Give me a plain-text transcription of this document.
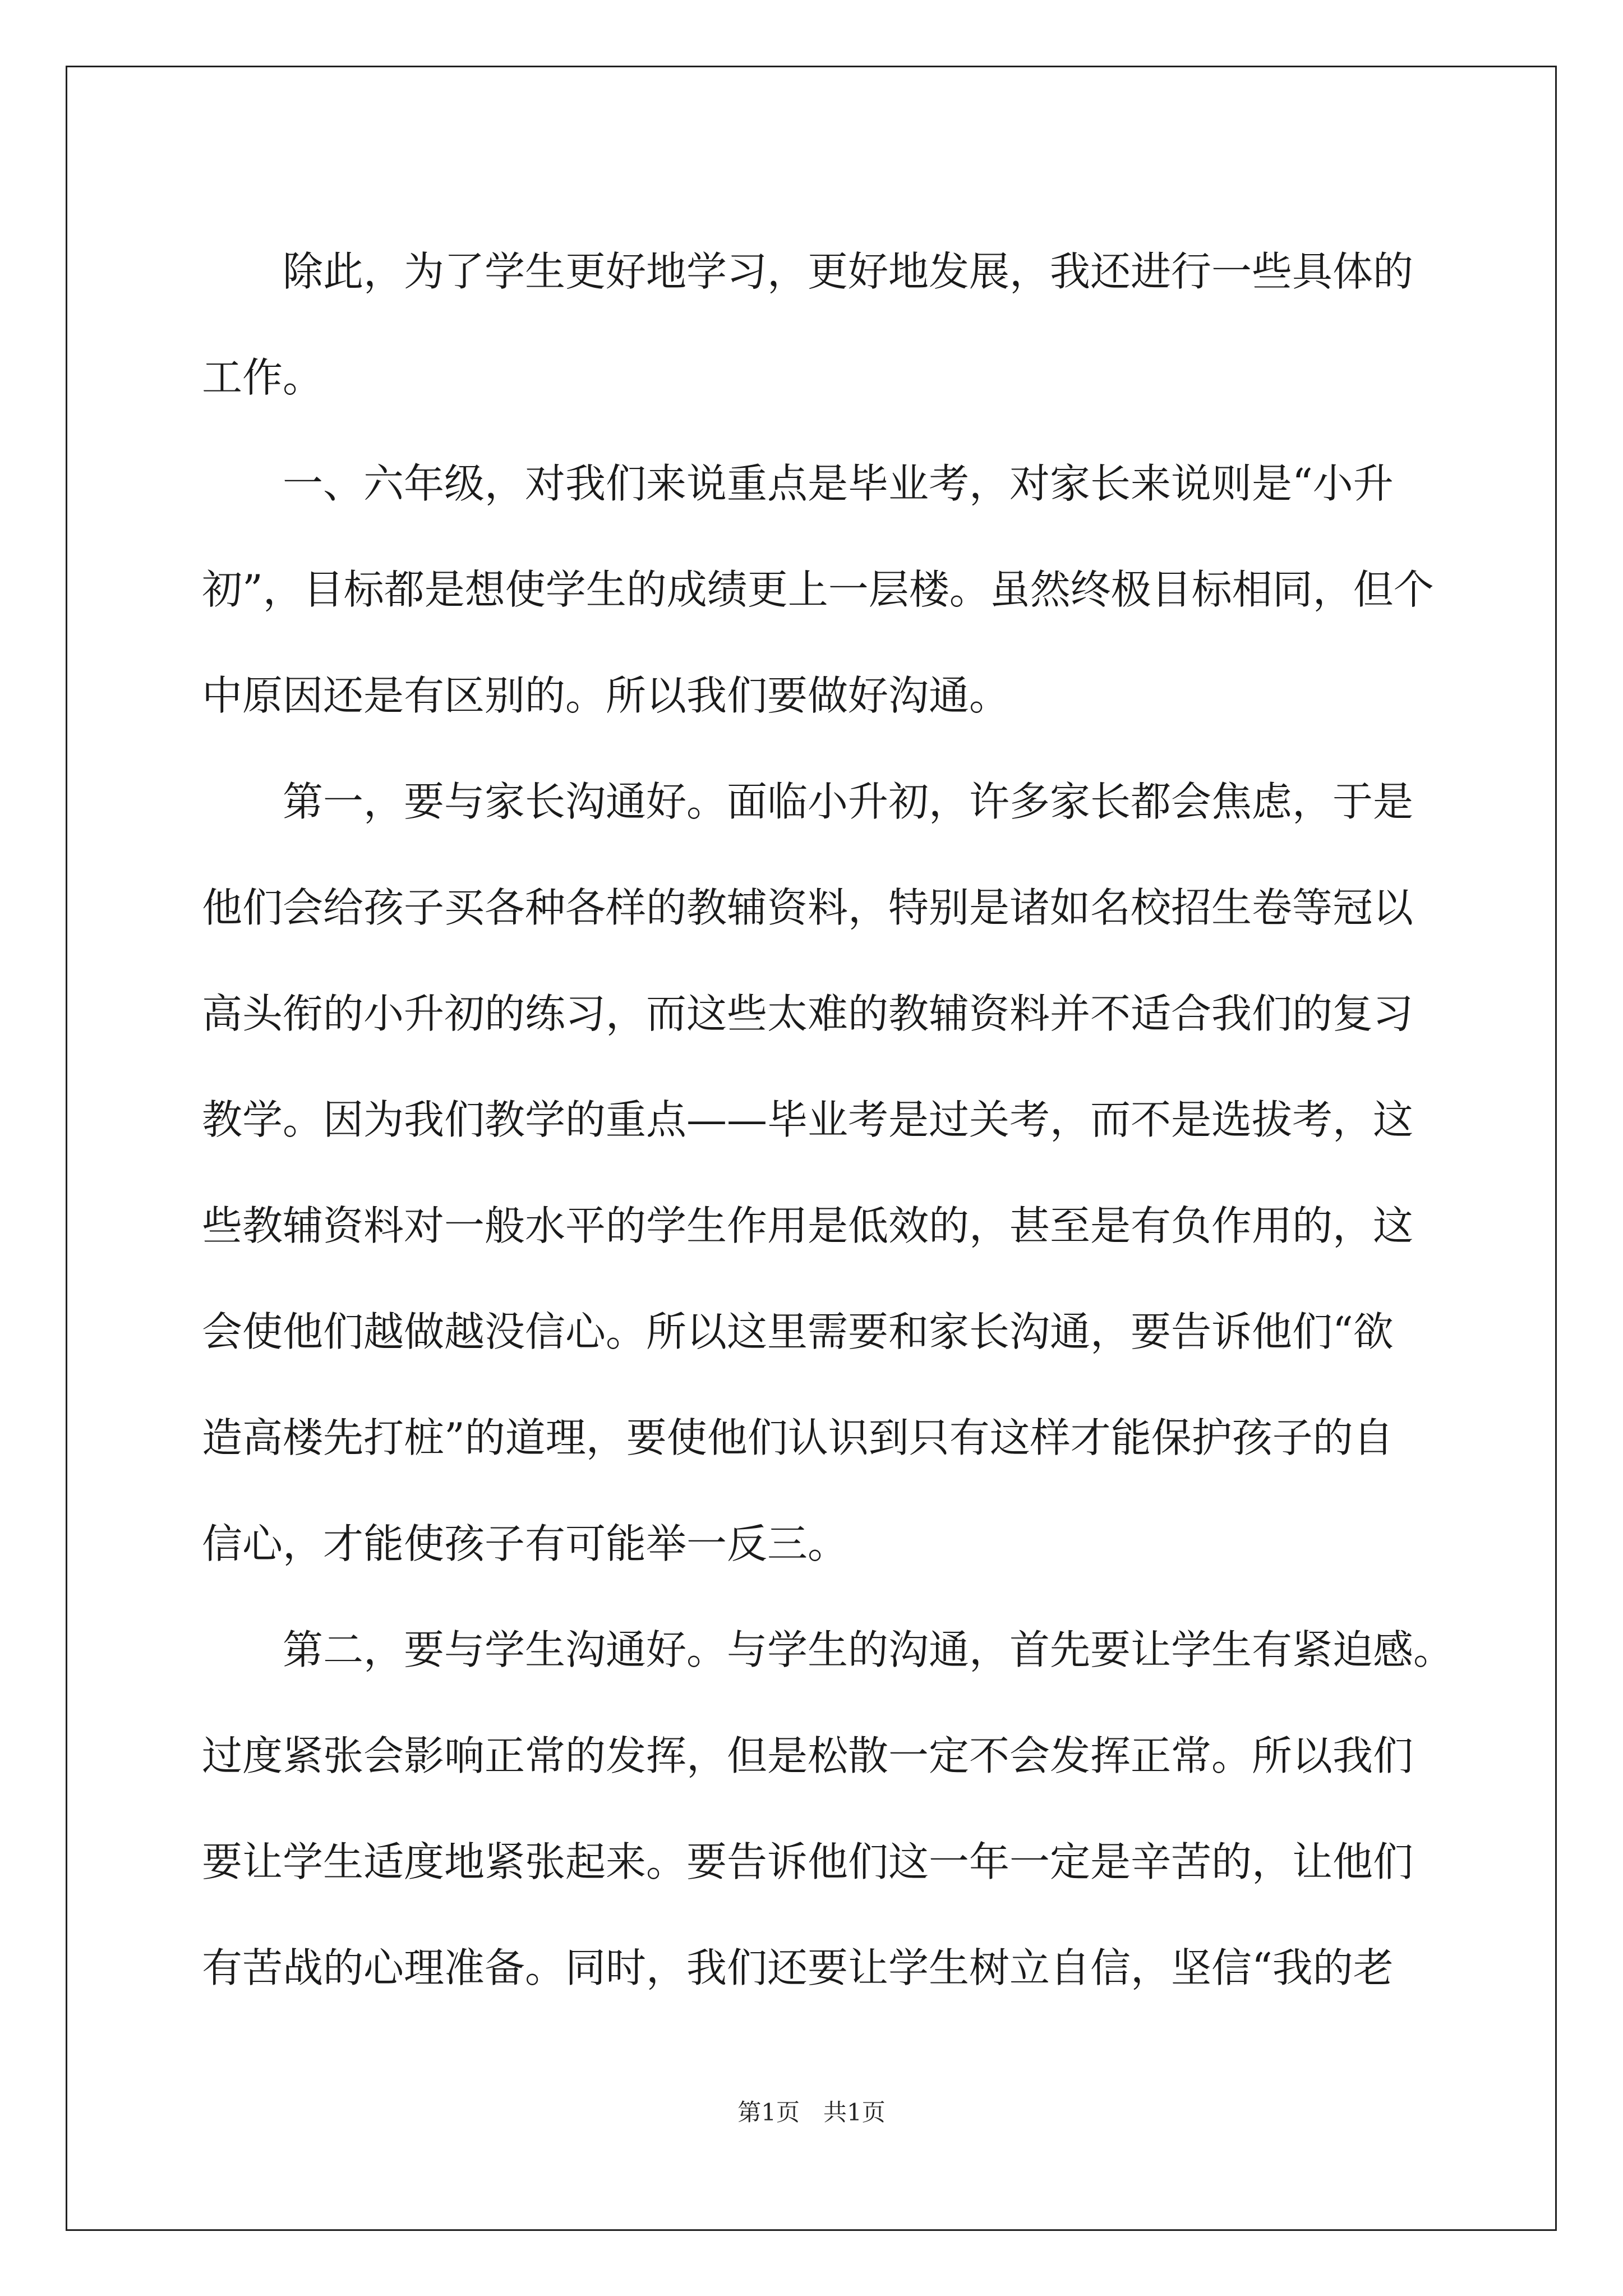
除此，为了学生更好地学习，更好地发展，我还进行一些具体的
工作。
一、六年级，对我们来说重点是毕业考，对家长来说则是“小升
初”，目标都是想使学生的成绩更上一层楼。虽然终极目标相同，但个
中原因还是有区别的。所以我们要做好沟通。
第一，要与家长沟通好。面临小升初，许多家长都会焦虑，于是
他们会给孩子买各种各样的教辅资料，特别是诸如名校招生卷等冠以
高头衔的小升初的练习，而这些太难的教辅资料并不适合我们的复习
教学。因为我们教学的重点——毕业考是过关考，而不是选拔考，这
些教辅资料对一般水平的学生作用是低效的，甚至是有负作用的，这
会使他们越做越没信心。所以这里需要和家长沟通，要告诉他们“欲
造高楼先打桩”的道理，要使他们认识到只有这样才能保护孩子的自
信心，才能使孩子有可能举一反三。
第二，要与学生沟通好。与学生的沟通，首先要让学生有紧迫感。
过度紧张会影响正常的发挥，但是松散一定不会发挥正常。所以我们
要让学生适度地紧张起来。要告诉他们这一年一定是辛苦的，让他们
有苦战的心理准备。同时，我们还要让学生树立自信，坚信“我的老
第1页　共1页
